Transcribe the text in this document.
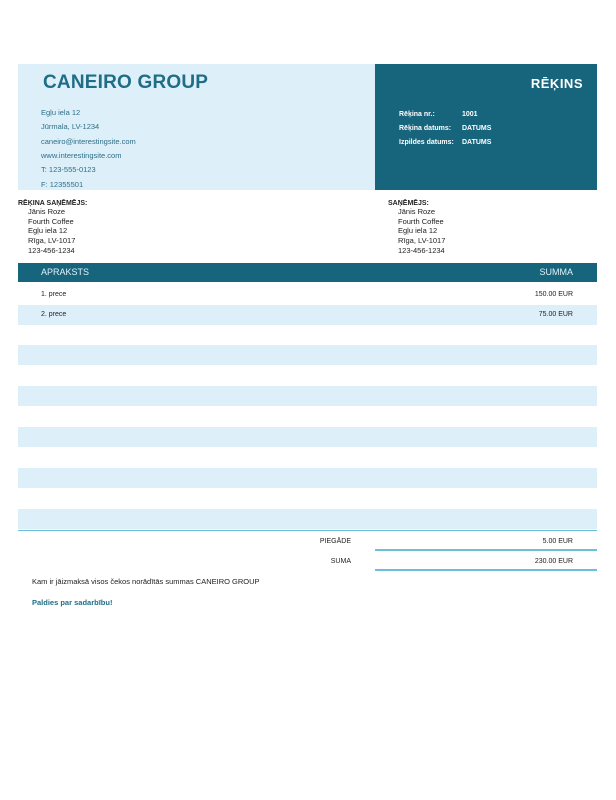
CANEIRO GROUP
Egļu iela 12
Jūrmala, LV-1234
caneiro@interestingsite.com
www.interestingsite.com
T: 123-555-0123
F: 12355501
RĒĶINS
Rēķina nr.:	1001
Rēķina datums: DATUMS
Izpildes datums: DATUMS
RĒĶINA SAŅĒMĒJS:
Jānis Roze
Fourth Coffee
Egļu iela 12
Rīga, LV-1017
123-456-1234
SAŅĒMĒJS:
Jānis Roze
Fourth Coffee
Egļu iela 12
Rīga, LV-1017
123-456-1234
APRAKSTS	SUMMA
1. prece	150.00 EUR
2. prece	75.00 EUR
PIEGĀDE	5.00 EUR
SUMA	230.00 EUR
Kam ir jāizmaksā visos čekos norādītās summas CANEIRO GROUP
Paldies par sadarbību!
